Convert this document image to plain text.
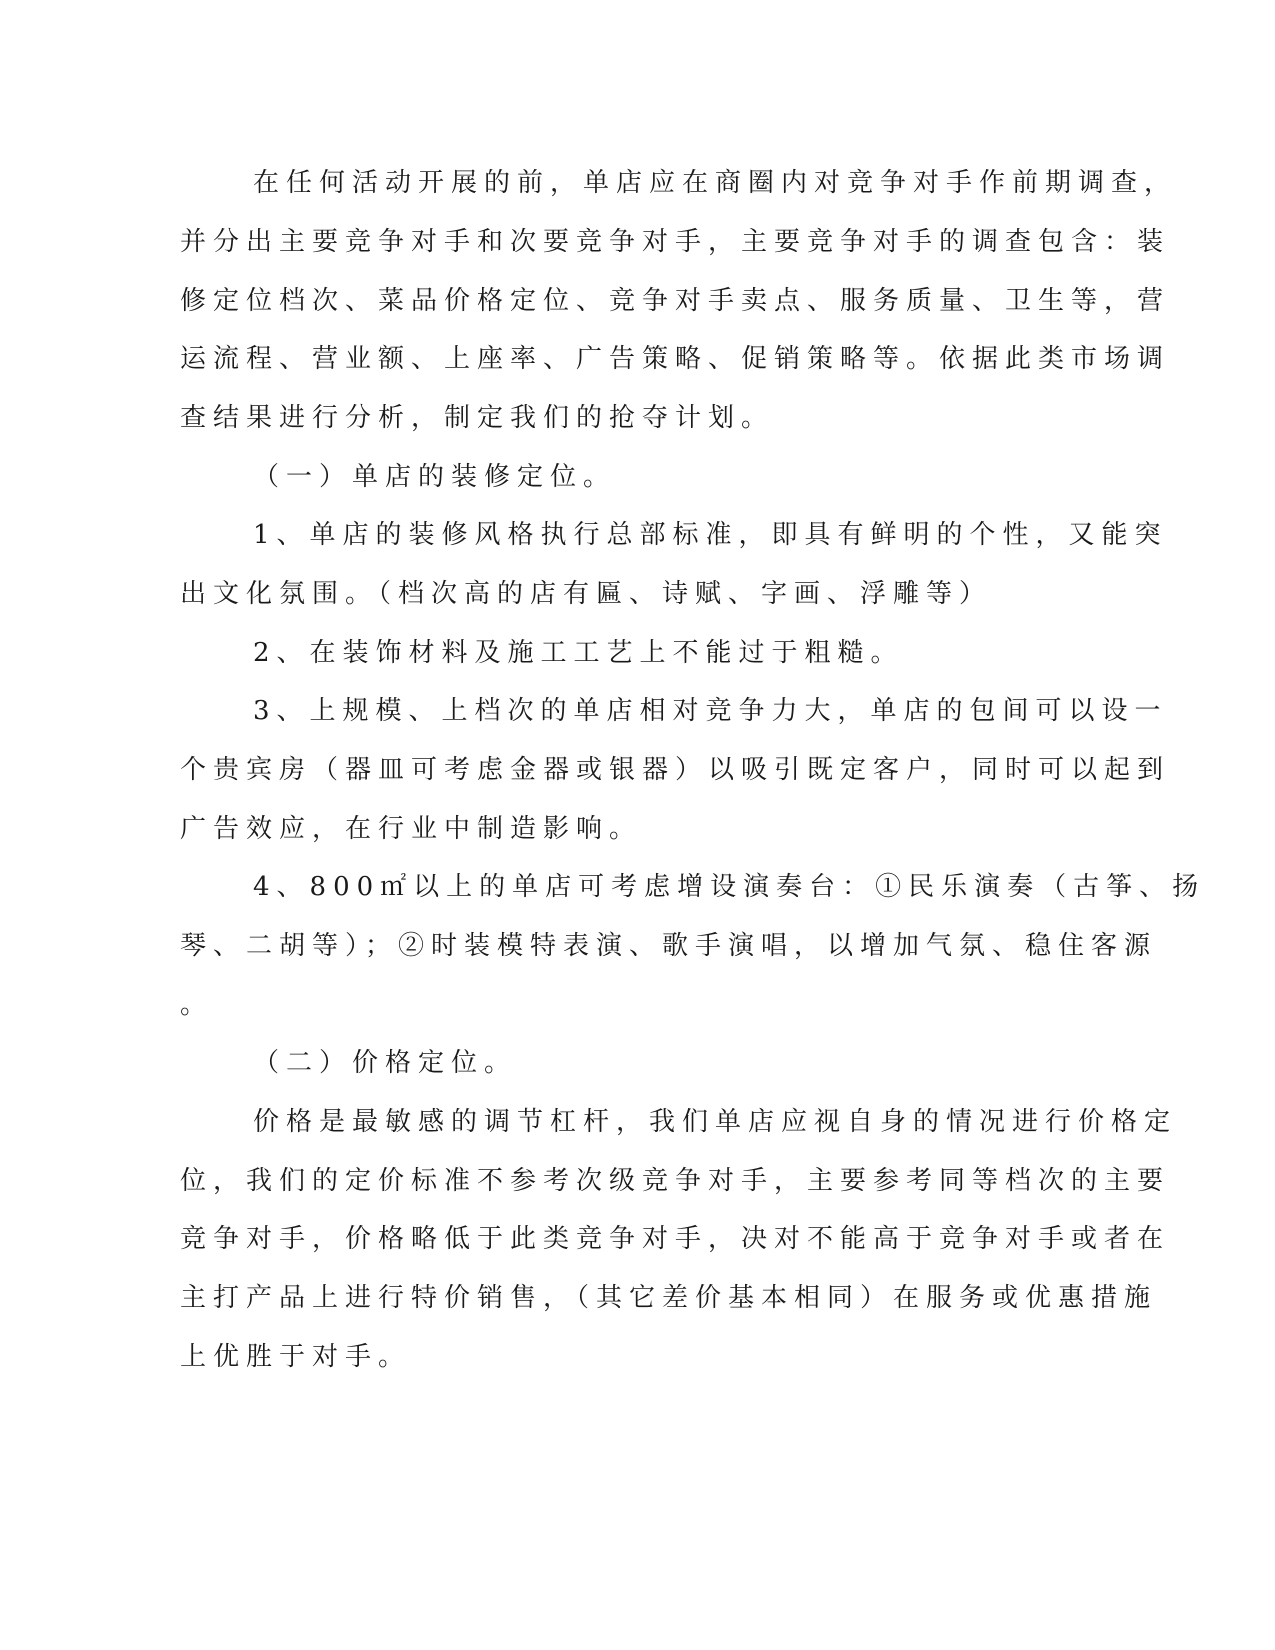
在任何活动开展的前，单店应在商圈内对竞争对手作前期调查，
并分出主要竞争对手和次要竞争对手，主要竞争对手的调查包含：装
修定位档次、菜品价格定位、竞争对手卖点、服务质量、卫生等，营
运流程、营业额、上座率、广告策略、促销策略等。依据此类市场调
查结果进行分析，制定我们的抢夺计划。
（一）单店的装修定位。
1、单店的装修风格执行总部标准，即具有鲜明的个性，又能突
出文化氛围。（档次高的店有匾、诗赋、字画、浮雕等）
2、在装饰材料及施工工艺上不能过于粗糙。
3、上规模、上档次的单店相对竞争力大，单店的包间可以设一
个贵宾房（器皿可考虑金器或银器）以吸引既定客户，同时可以起到
广告效应，在行业中制造影响。
4、800㎡以上的单店可考虑增设演奏台：①民乐演奏（古筝、扬
琴、二胡等）；②时装模特表演、歌手演唱，以增加气氛、稳住客源
。
（二）价格定位。
价格是最敏感的调节杠杆，我们单店应视自身的情况进行价格定
位，我们的定价标准不参考次级竞争对手，主要参考同等档次的主要
竞争对手，价格略低于此类竞争对手，决对不能高于竞争对手或者在
主打产品上进行特价销售，（其它差价基本相同）在服务或优惠措施
上优胜于对手。
